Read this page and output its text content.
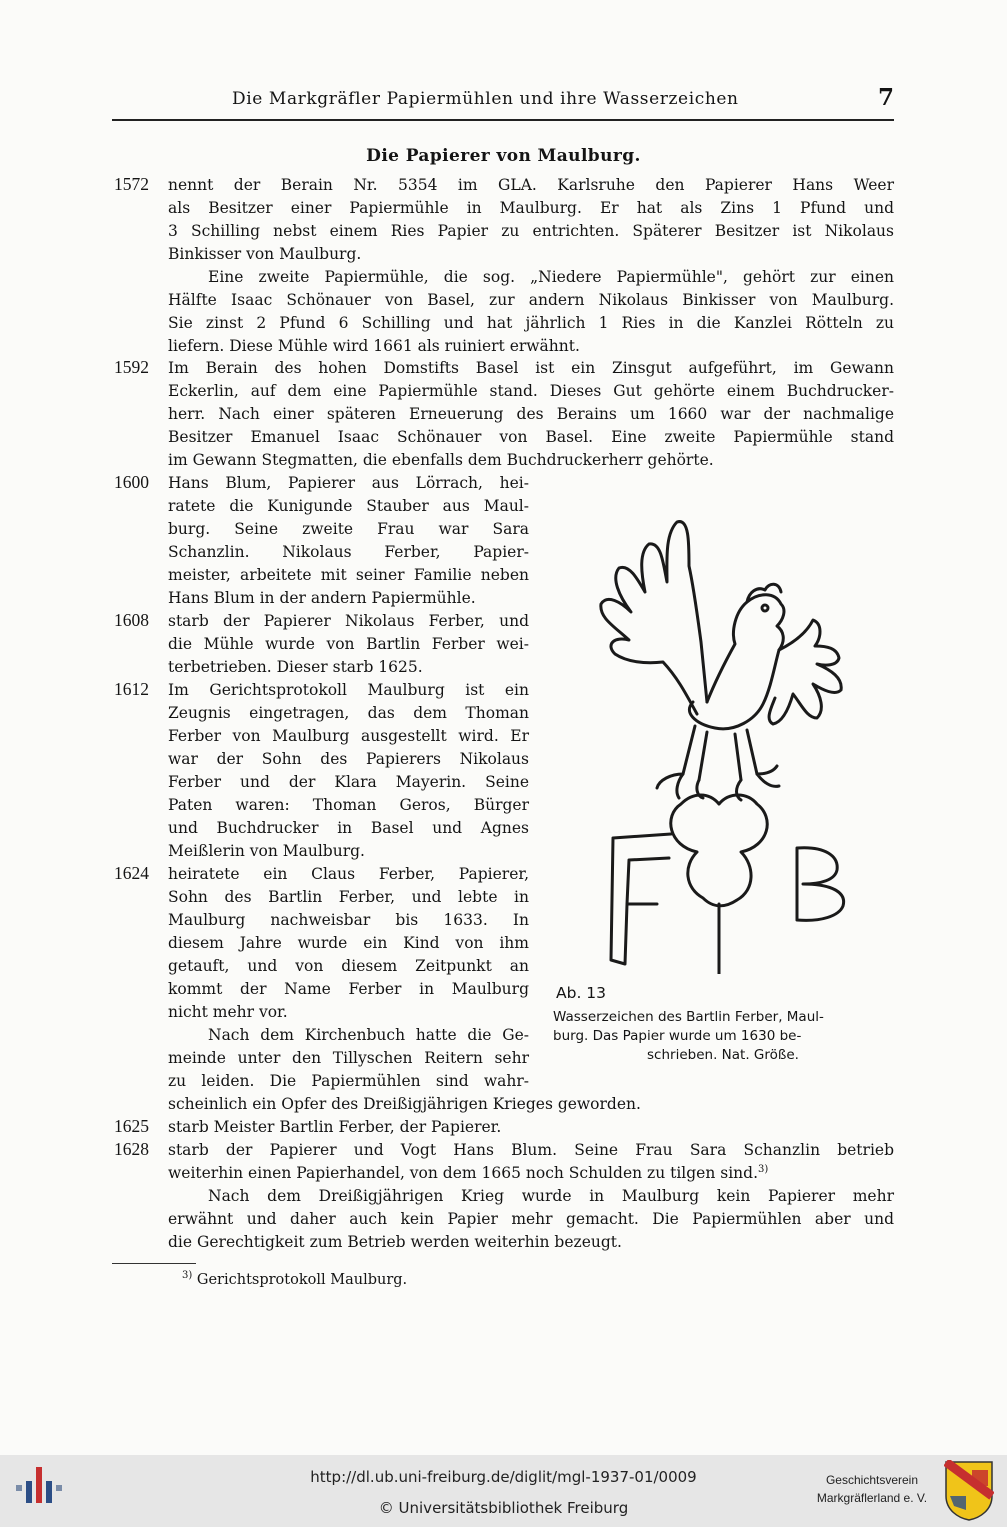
Die Markgräfler Papiermühlen und ihre Wasserzeichen	7
Die Papierer von Maulburg.
1572 nennt der Berain Nr. 5354 im GLA. Karlsruhe den Papierer Hans Weer
als Besitzer einer Papiermühle in Maulburg. Er hat als Zins 1 Pfund und
3 Schilling nebst einem Ries Papier zu entrichten. Späterer Besitzer ist Nikolaus
Binkisser von Maulburg.
Eine zweite Papiermühle, die sog. „Niedere Papiermühle", gehört zur einen
Hälfte Isaac Schönauer von Basel, zur andern Nikolaus Binkisser von Maulburg.
Sie zinst 2 Pfund 6 Schilling und hat jährlich 1 Ries in die Kanzlei Rötteln zu
liefern. Diese Mühle wird 1661 als ruiniert erwähnt.
1592 Im Berain des hohen Domstifts Basel ist ein Zinsgut aufgeführt, im Gewann
Eckerlin, auf dem eine Papiermühle stand. Dieses Gut gehörte einem Buchdrucker-
herr. Nach einer späteren Erneuerung des Berains um 1660 war der nachmalige
Besitzer Emanuel Isaac Schönauer von Basel. Eine zweite Papiermühle stand
im Gewann Stegmatten, die ebenfalls dem Buchdruckerherr gehörte.
1600 Hans Blum, Papierer aus Lörrach, hei-
ratete die Kunigunde Stauber aus Maul-
burg. Seine zweite Frau war Sara
Schanzlin. Nikolaus Ferber, Papier-
meister, arbeitete mit seiner Familie neben
Hans Blum in der andern Papiermühle.
1608 starb der Papierer Nikolaus Ferber, und
die Mühle wurde von Bartlin Ferber wei-
terbetrieben. Dieser starb 1625.
1612 Im Gerichtsprotokoll Maulburg ist ein
Zeugnis eingetragen, das dem Thoman
Ferber von Maulburg ausgestellt wird. Er
war der Sohn des Papierers Nikolaus
Ferber und der Klara Mayerin. Seine
Paten waren: Thoman Geros, Bürger
und Buchdrucker in Basel und Agnes
Meißlerin von Maulburg.
1624 heiratete ein Claus Ferber, Papierer,
Sohn des Bartlin Ferber, und lebte in
Maulburg nachweisbar bis 1633. In
diesem Jahre wurde ein Kind von ihm
getauft, und von diesem Zeitpunkt an
kommt der Name Ferber in Maulburg
nicht mehr vor.
Nach dem Kirchenbuch hatte die Ge-
meinde unter den Tillyschen Reitern sehr
zu leiden. Die Papiermühlen sind wahr-
scheinlich ein Opfer des Dreißigjährigen Krieges geworden.
1625 starb Meister Bartlin Ferber, der Papierer.
1628 starb der Papierer und Vogt Hans Blum. Seine Frau Sara Schanzlin betrieb
weiterhin einen Papierhandel, von dem 1665 noch Schulden zu tilgen sind.$^{3)}$
Nach dem Dreißigjährigen Krieg wurde in Maulburg kein Papierer mehr
erwähnt und daher auch kein Papier mehr gemacht. Die Papiermühlen aber und
die Gerechtigkeit zum Betrieb werden weiterhin bezeugt.
F	B
Ab. 13
Wasserzeichen des Bartlin Ferber, Maul-
burg. Das Papier wurde um 1630 be-
schrieben. Nat. Größe.
$^{3)}$ Gerichtsprotokoll Maulburg.
http://dl.ub.uni-freiburg.de/diglit/mgl-1937-01/0009
© Universitätsbibliothek Freiburg
Geschichtsverein
Markgräflerland e. V.
